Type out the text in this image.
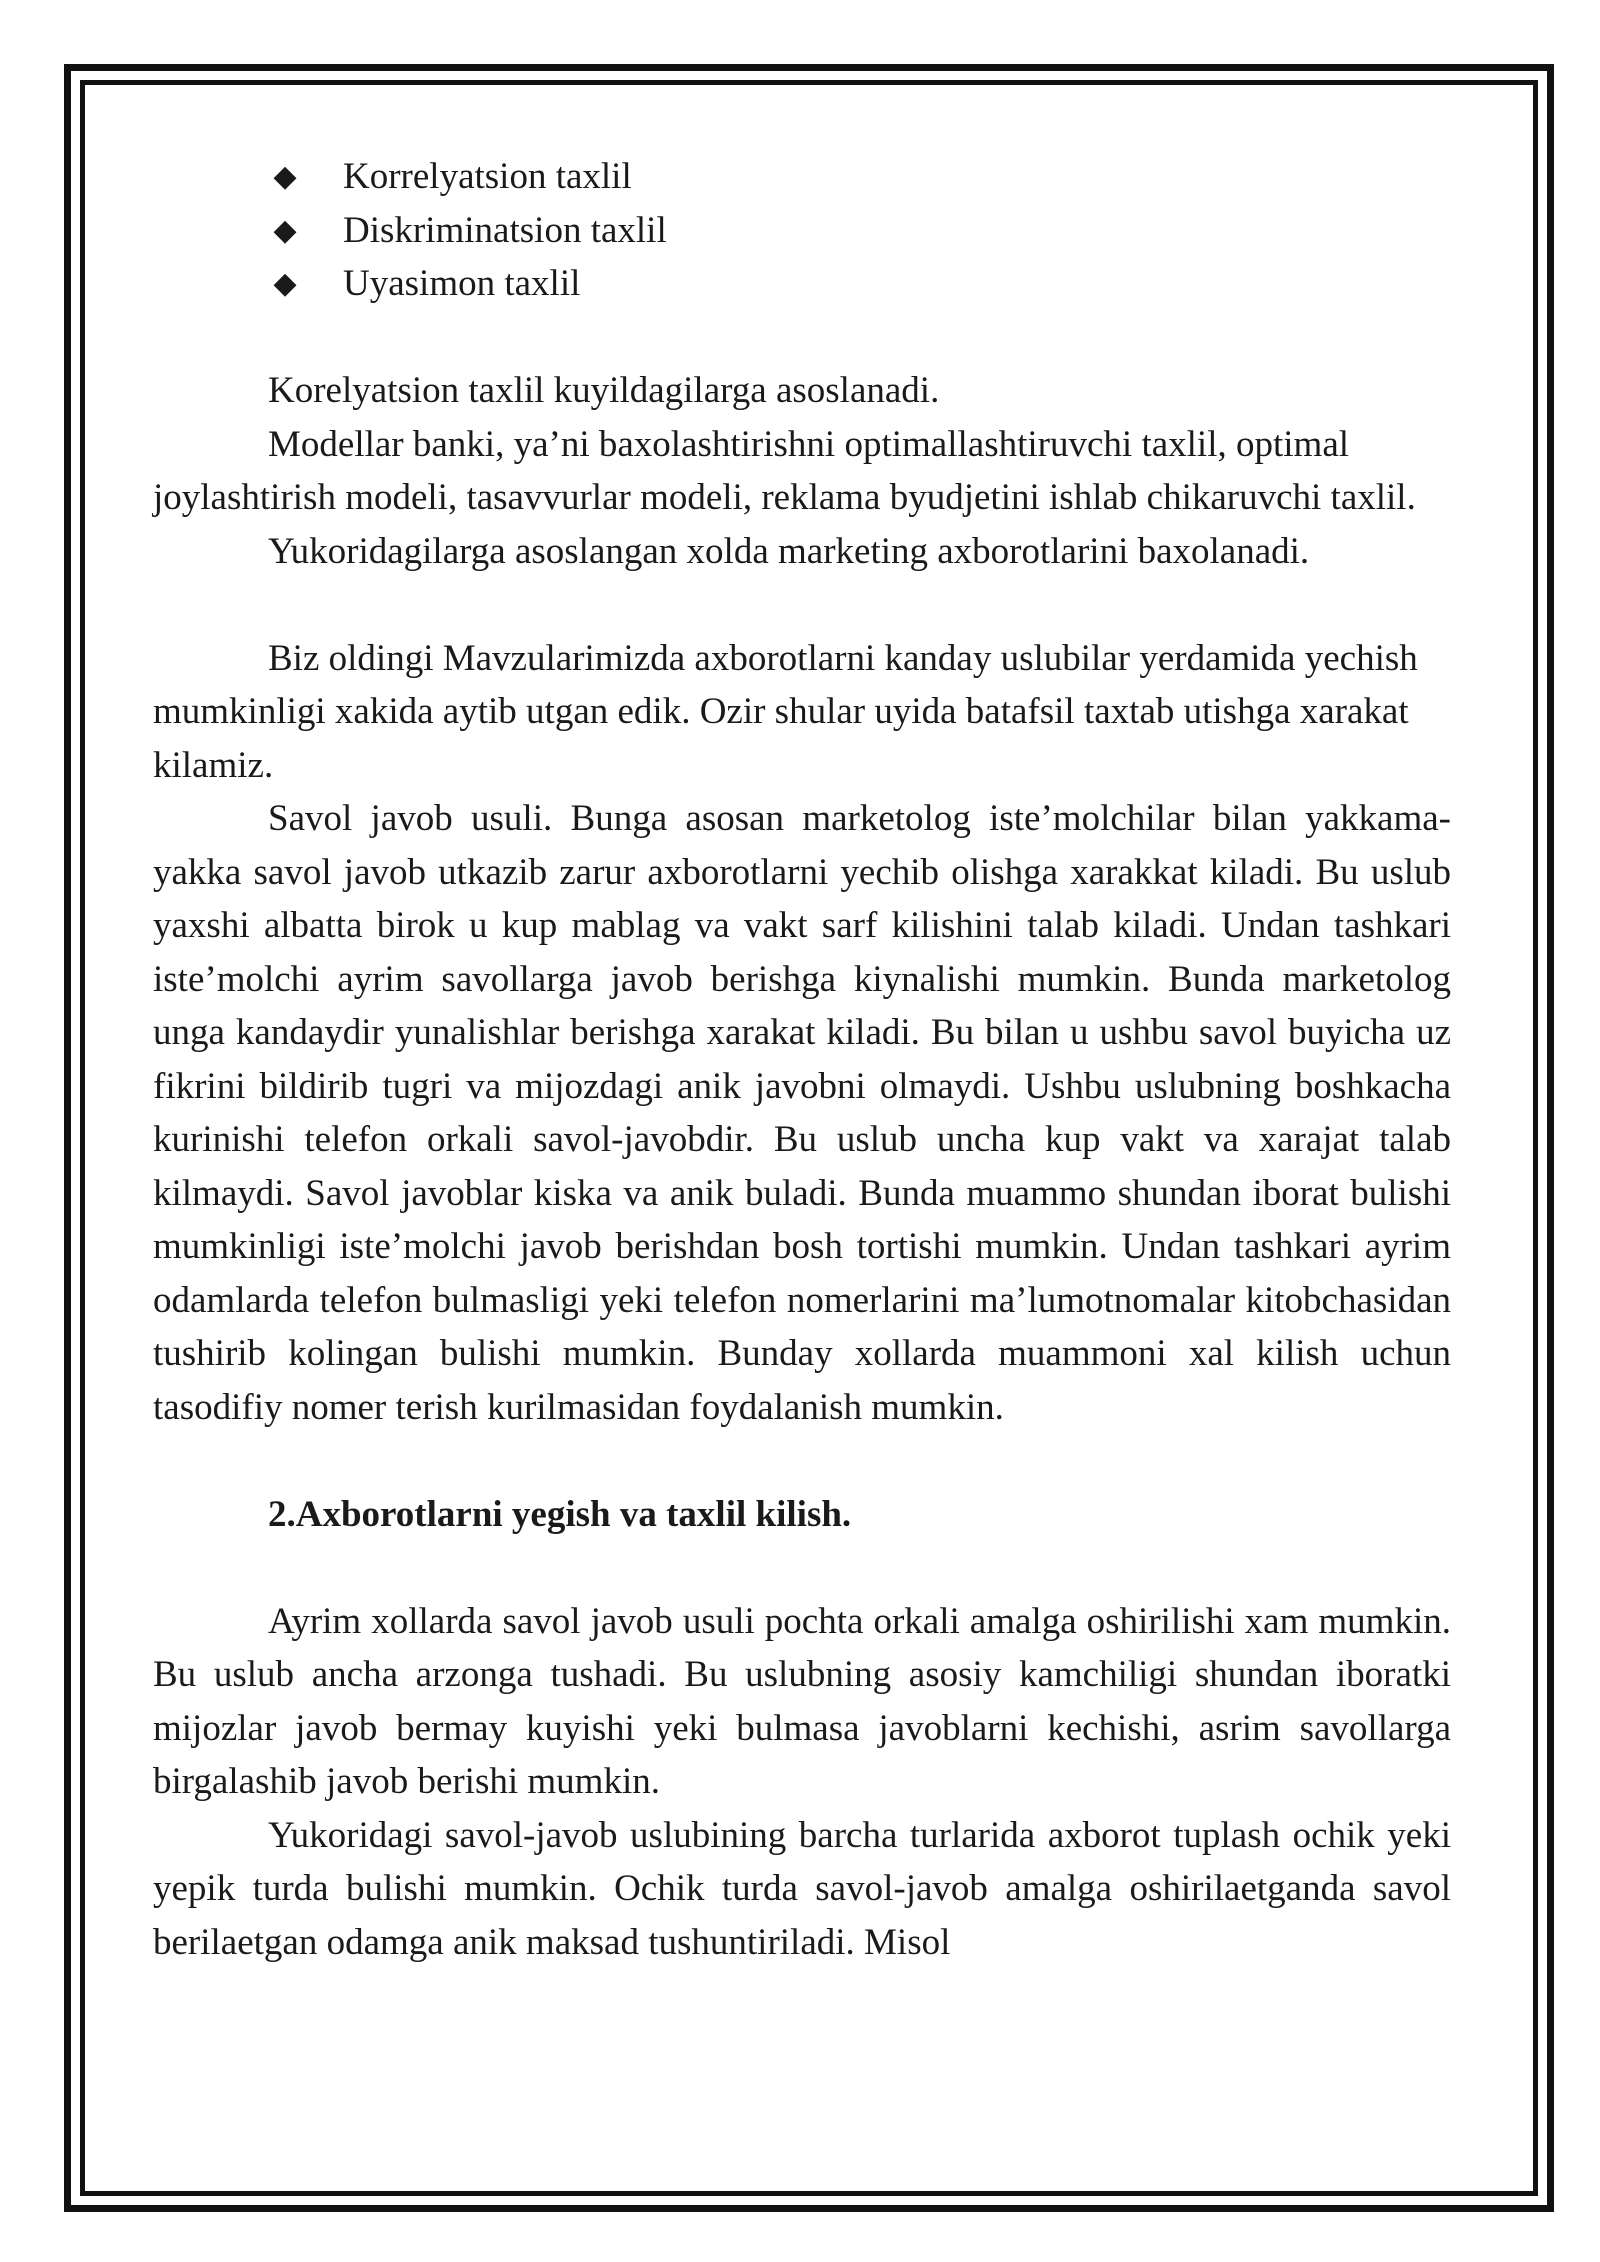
◆ Korrelyatsion taxlil
◆ Diskriminatsion taxlil
◆ Uyasimon taxlil

Korelyatsion taxlil kuyildagilarga asoslanadi.

Modellar banki, ya’ni baxolashtirishni optimallashtiruvchi taxlil, optimal joylashtirish modeli, tasavvurlar modeli, reklama byudjetini ishlab chikaruvchi taxlil.

Yukoridagilarga asoslangan xolda marketing axborotlarini baxolanadi.

Biz oldingi Mavzularimizda axborotlarni kanday uslubilar yerdamida yechish mumkinligi xakida aytib utgan edik. Ozir shular uyida batafsil taxtab utishga xarakat kilamiz.

Savol javob usuli. Bunga asosan marketolog iste’molchilar bilan yakkama-yakka savol javob utkazib zarur axborotlarni yechib olishga xarakkat kiladi. Bu uslub yaxshi albatta birok u kup mablag va vakt sarf kilishini talab kiladi. Undan tashkari iste’molchi ayrim savollarga javob berishga kiynalishi mumkin. Bunda marketolog unga kandaydir yunalishlar berishga xarakat kiladi. Bu bilan u ushbu savol buyicha uz fikrini bildirib tugri va mijozdagi anik javobni olmaydi. Ushbu uslubning boshkacha kurinishi telefon orkali savol-javobdir. Bu uslub uncha kup vakt va xarajat talab kilmaydi. Savol javoblar kiska va anik buladi. Bunda muammo shundan iborat bulishi mumkinligi iste’molchi javob berishdan bosh tortishi mumkin. Undan tashkari ayrim odamlarda telefon bulmasligi yeki telefon nomerlarini ma’lumotnomalar kitobchasidan tushirib kolingan bulishi mumkin. Bunday xollarda muammoni xal kilish uchun tasodifiy nomer terish kurilmasidan foydalanish mumkin.

2.Axborotlarni yegish va taxlil kilish.

Ayrim xollarda savol javob usuli pochta orkali amalga oshirilishi xam mumkin. Bu uslub ancha arzonga tushadi. Bu uslubning asosiy kamchiligi shundan iboratki mijozlar javob bermay kuyishi yeki bulmasa javoblarni kechishi, asrim savollarga birgalashib javob berishi mumkin.

Yukoridagi savol-javob uslubining barcha turlarida axborot tuplash ochik yeki yepik turda bulishi mumkin. Ochik turda savol-javob amalga oshirilaetganda savol berilaetgan odamga anik maksad tushuntiriladi. Misol
